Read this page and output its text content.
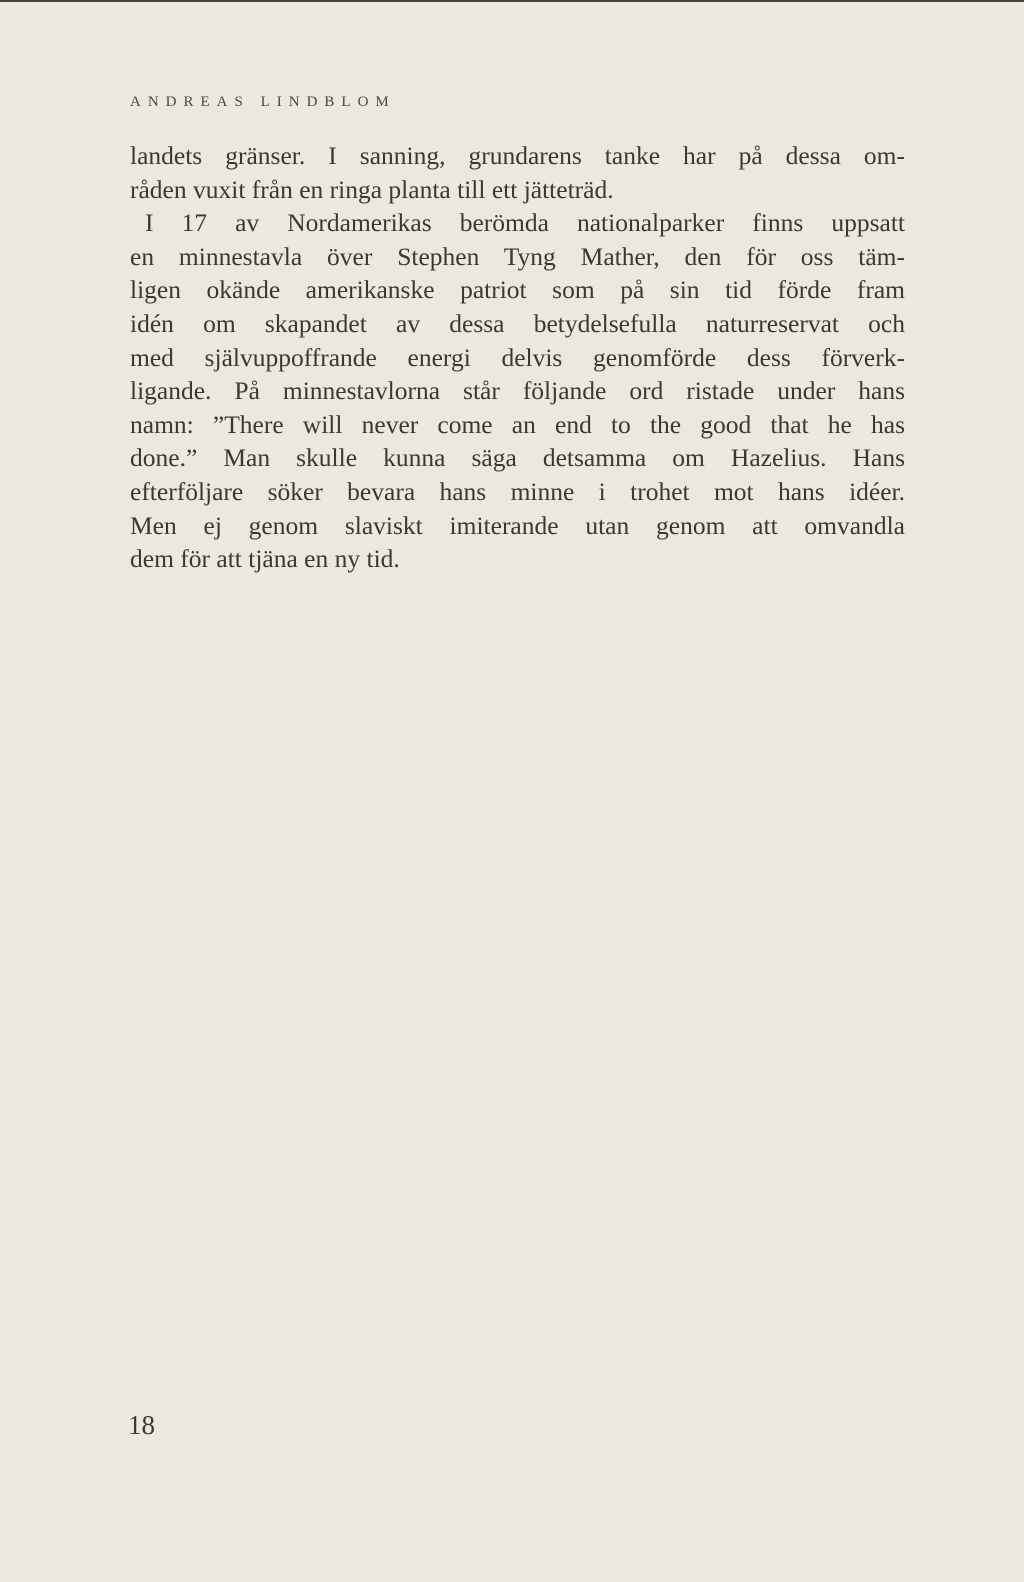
ANDREAS LINDBLOM
landets gränser. I sanning, grundarens tanke har på dessa om-
råden vuxit från en ringa planta till ett jätteträd.
I 17 av Nordamerikas berömda nationalparker finns uppsatt
en minnestavla över Stephen Tyng Mather, den för oss täm-
ligen okände amerikanske patriot som på sin tid förde fram
idén om skapandet av dessa betydelsefulla naturreservat och
med självuppoffrande energi delvis genomförde dess förverk-
ligande. På minnestavlorna står följande ord ristade under hans
namn: ”There will never come an end to the good that he has
done.” Man skulle kunna säga detsamma om Hazelius. Hans
efterföljare söker bevara hans minne i trohet mot hans idéer.
Men ej genom slaviskt imiterande utan genom att omvandla
dem för att tjäna en ny tid.
18
